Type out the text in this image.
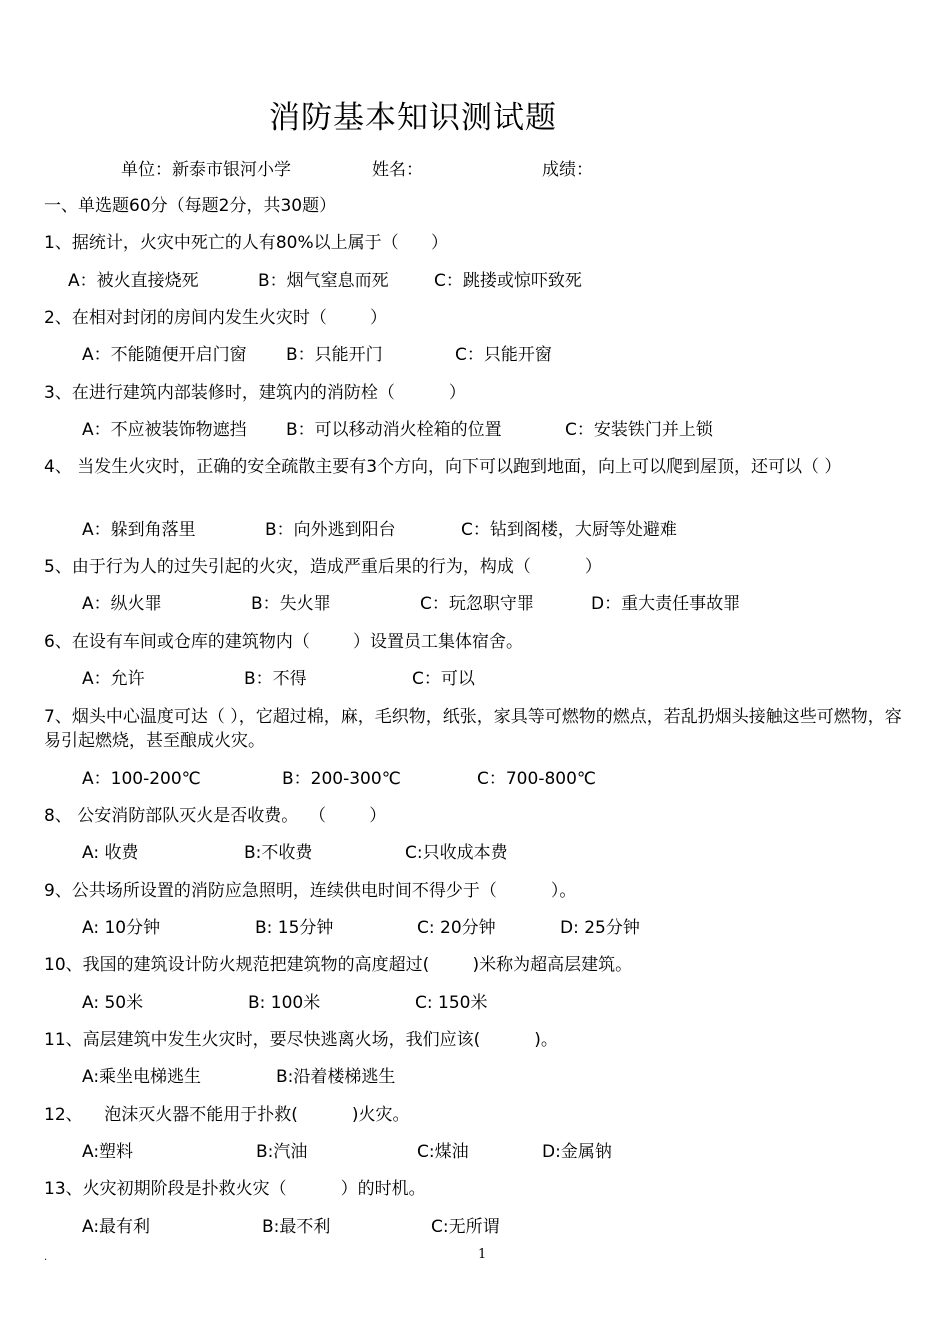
消防基本知识测试题
单位：新泰市银河小学	姓名：	成绩：
一、单选题60分（每题2分，共30题）
1、据统计，火灾中死亡的人有80%以上属于（      ）
A：被火直接烧死	B：烟气窒息而死	C：跳搂或惊吓致死
2、在相对封闭的房间内发生火灾时（        ）
A：不能随便开启门窗 B：只能开门	C：只能开窗
3、在进行建筑内部装修时，建筑内的消防栓（          ）
A：不应被装饰物遮挡 B：可以移动消火栓箱的位置	C：安装铁门并上锁
4、 当发生火灾时，正确的安全疏散主要有3个方向，向下可以跑到地面，向上可以爬到屋顶，还可以（ ）
A：躲到角落里	B：向外逃到阳台	C：钻到阁楼，大厨等处避难
5、由于行为人的过失引起的火灾，造成严重后果的行为，构成（          ）
A：纵火罪	B：失火罪	C：玩忽职守罪	D：重大责任事故罪
6、在设有车间或仓库的建筑物内（        ）设置员工集体宿舍。
A：允许	B：不得	C：可以
7、烟头中心温度可达（ ），它超过棉，麻，毛织物，纸张，家具等可燃物的燃点，若乱扔烟头接触这些可燃物，容易引起燃烧，甚至酿成火灾。
A：100-200℃	B：200-300℃	C：700-800℃
8、 公安消防部队灭火是否收费。  （        ）
A: 收费	B:不收费	C:只收成本费
9、公共场所设置的消防应急照明，连续供电时间不得少于（          ）。
A: 10分钟	B: 15分钟	C: 20分钟	D: 25分钟
10、我国的建筑设计防火规范把建筑物的高度超过(        )米称为超高层建筑。
A: 50米	B: 100米	C: 150米
11、高层建筑中发生火灾时，要尽快逃离火场，我们应该(          )。
A:乘坐电梯逃生	B:沿着楼梯逃生
12、    泡沫灭火器不能用于扑救(          )火灾。
A:塑料	B:汽油	C:煤油	D:金属钠
13、火灾初期阶段是扑救火灾（          ）的时机。
A:最有利	B:最不利	C:无所谓
.	1
